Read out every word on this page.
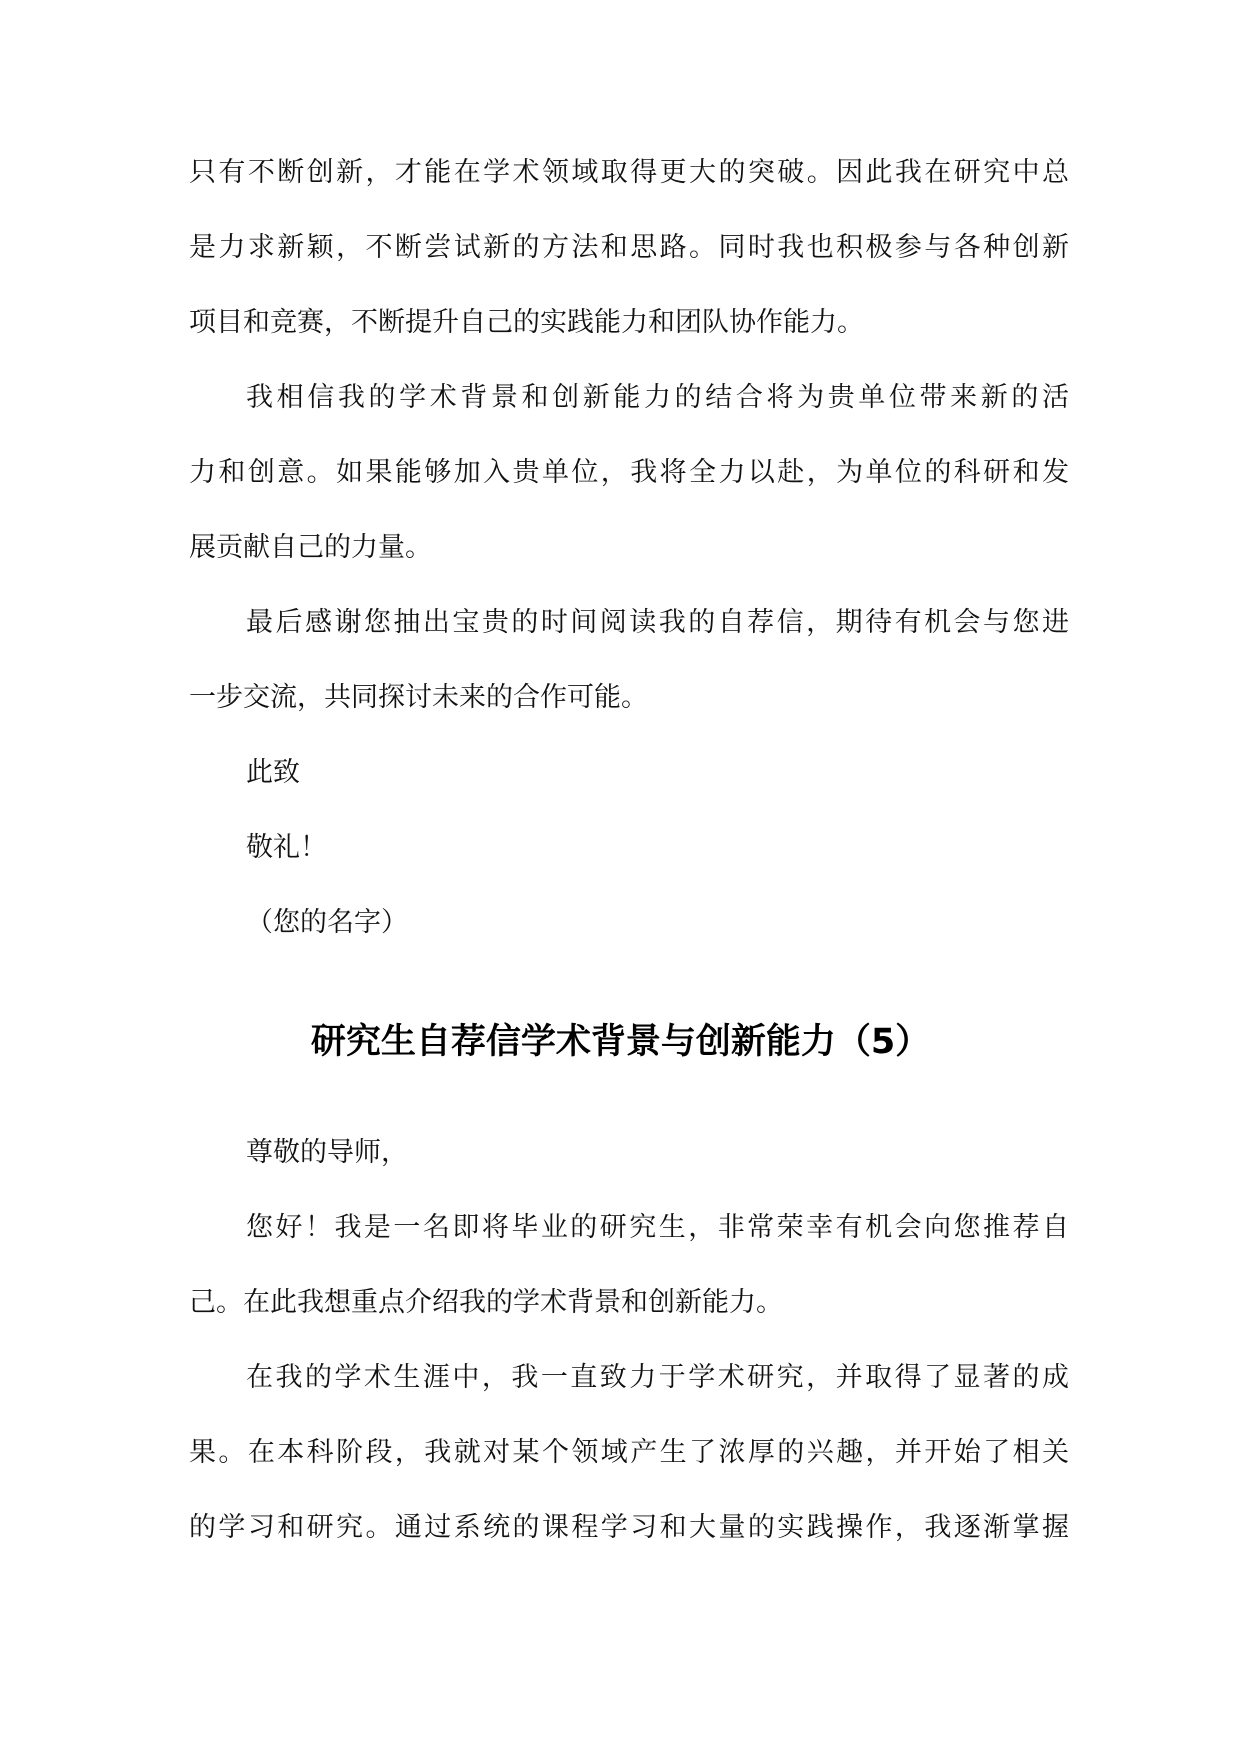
只有不断创新，才能在学术领域取得更大的突破。因此我在研究中总
是力求新颖，不断尝试新的方法和思路。同时我也积极参与各种创新
项目和竞赛，不断提升自己的实践能力和团队协作能力。
我相信我的学术背景和创新能力的结合将为贵单位带来新的活
力和创意。如果能够加入贵单位，我将全力以赴，为单位的科研和发
展贡献自己的力量。
最后感谢您抽出宝贵的时间阅读我的自荐信，期待有机会与您进
一步交流，共同探讨未来的合作可能。
此致
敬礼！
（您的名字）
研究生自荐信学术背景与创新能力（5）
尊敬的导师，
您好！我是一名即将毕业的研究生，非常荣幸有机会向您推荐自
己。在此我想重点介绍我的学术背景和创新能力。
在我的学术生涯中，我一直致力于学术研究，并取得了显著的成
果。在本科阶段，我就对某个领域产生了浓厚的兴趣，并开始了相关
的学习和研究。通过系统的课程学习和大量的实践操作，我逐渐掌握
